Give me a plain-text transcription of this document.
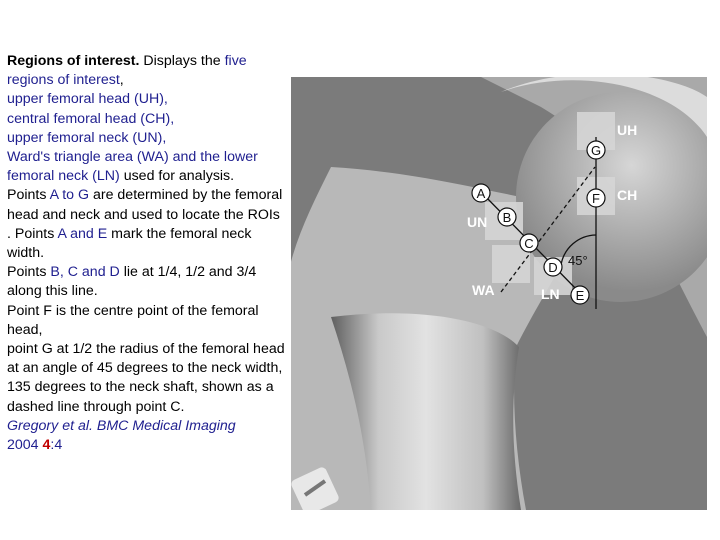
Regions of interest. Displays the five regions of interest,
upper femoral head (UH),
central femoral head (CH),
upper femoral neck (UN),
Ward's triangle area (WA) and the lower femoral neck (LN) used for analysis.
Points A to G are determined by the femoral head and neck and used to locate the ROIs
. Points A and E mark the femoral neck width.
Points B, C and D lie at 1/4, 1/2 and 3/4 along this line.
Point F is the centre point of the femoral head,
point G at 1/2 the radius of the femoral head at an angle of 45 degrees to the neck width, 135 degrees to the neck shaft, shown as a dashed line through point C.
Gregory et al. BMC Medical Imaging
2004 4:4
A
B
C
D
E
F
G
UH
CH
UN
WA	LN
45°
